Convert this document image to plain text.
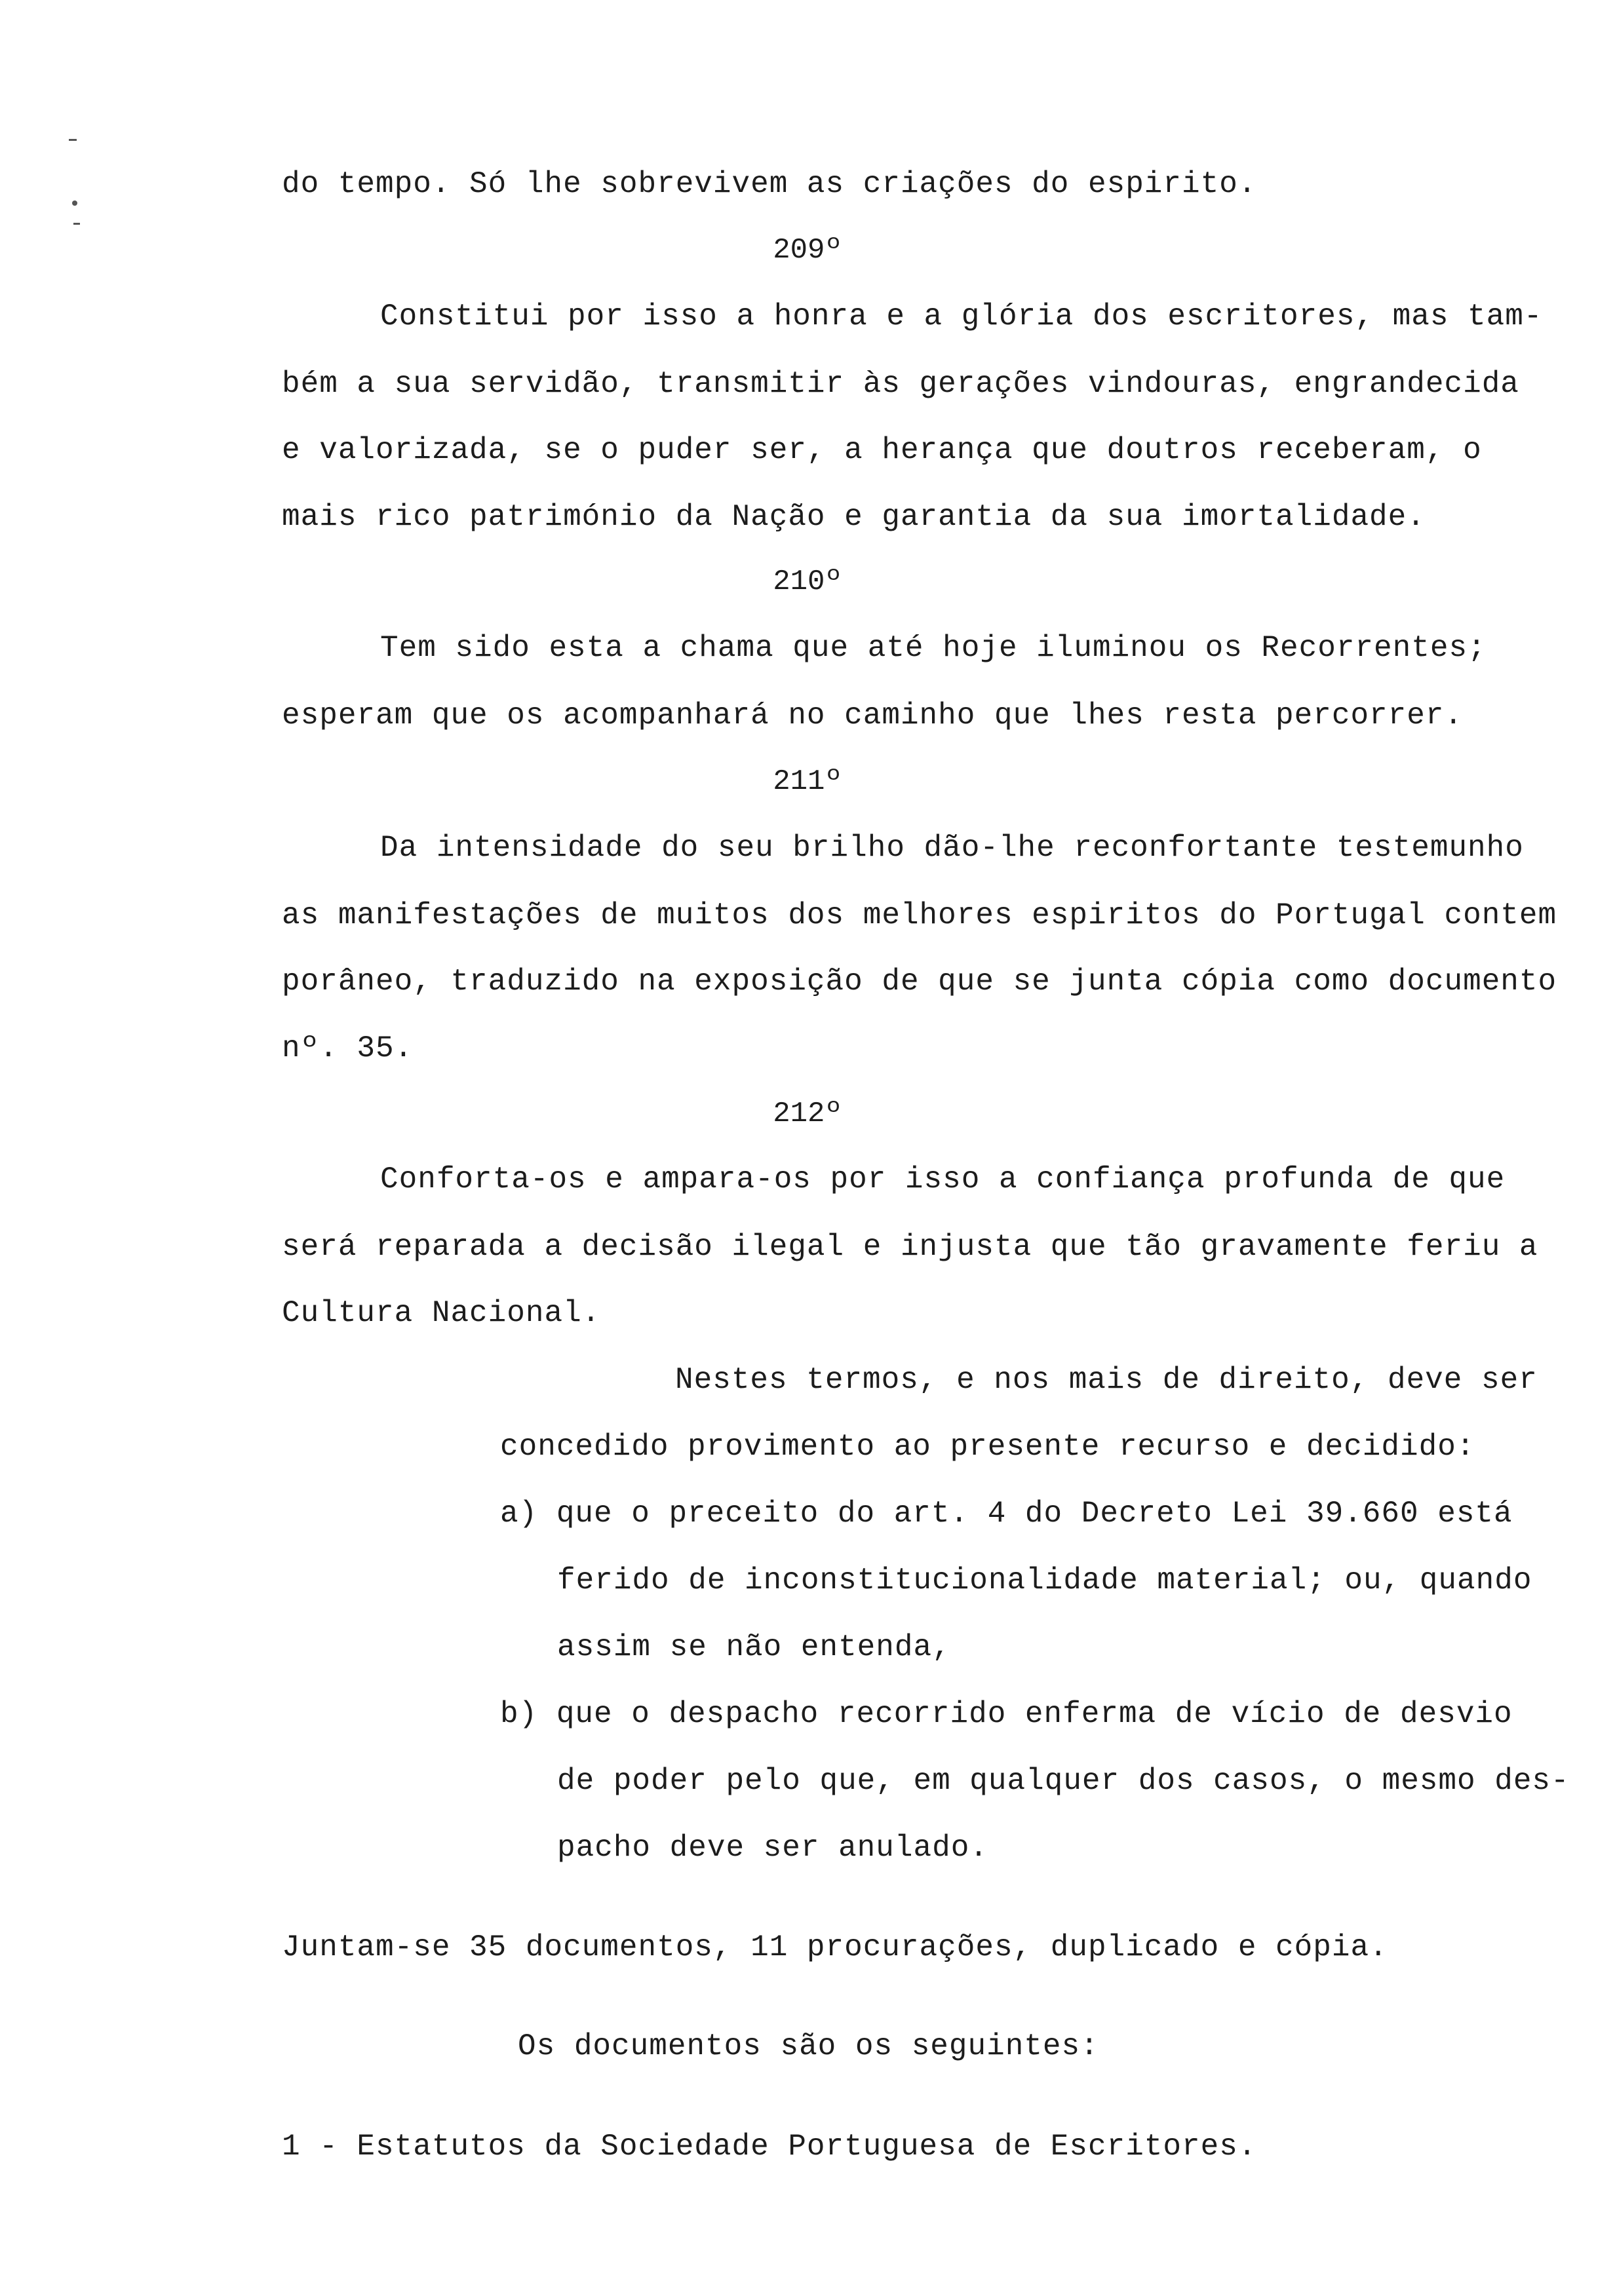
do tempo. Só lhe sobrevivem as criações do espirito.
209º
Constitui por isso a honra e a glória dos escritores, mas tam-
bém a sua servidão, transmitir às gerações vindouras, engrandecida
e valorizada, se o puder ser, a herança que doutros receberam, o
mais rico património da Nação e garantia da sua imortalidade.
210º
Tem sido esta a chama que até hoje iluminou os Recorrentes;
esperam que os acompanhará no caminho que lhes resta percorrer.
211º
Da intensidade do seu brilho dão-lhe reconfortante testemunho
as manifestações de muitos dos melhores espiritos do Portugal contem
porâneo, traduzido na exposição de que se junta cópia como documento
nº. 35.
212º
Conforta-os e ampara-os por isso a confiança profunda de que
será reparada a decisão ilegal e injusta que tão gravamente feriu a
Cultura Nacional.
Nestes termos, e nos mais de direito, deve ser
concedido provimento ao presente recurso e decidido:
a) que o preceito do art. 4 do Decreto Lei 39.660 está
ferido de inconstitucionalidade material; ou, quando
assim se não entenda,
b) que o despacho recorrido enferma de vício de desvio
de poder pelo que, em qualquer dos casos, o mesmo des-
pacho deve ser anulado.
Juntam-se 35 documentos, 11 procurações, duplicado e cópia.
Os documentos são os seguintes:
1 - Estatutos da Sociedade Portuguesa de Escritores.
